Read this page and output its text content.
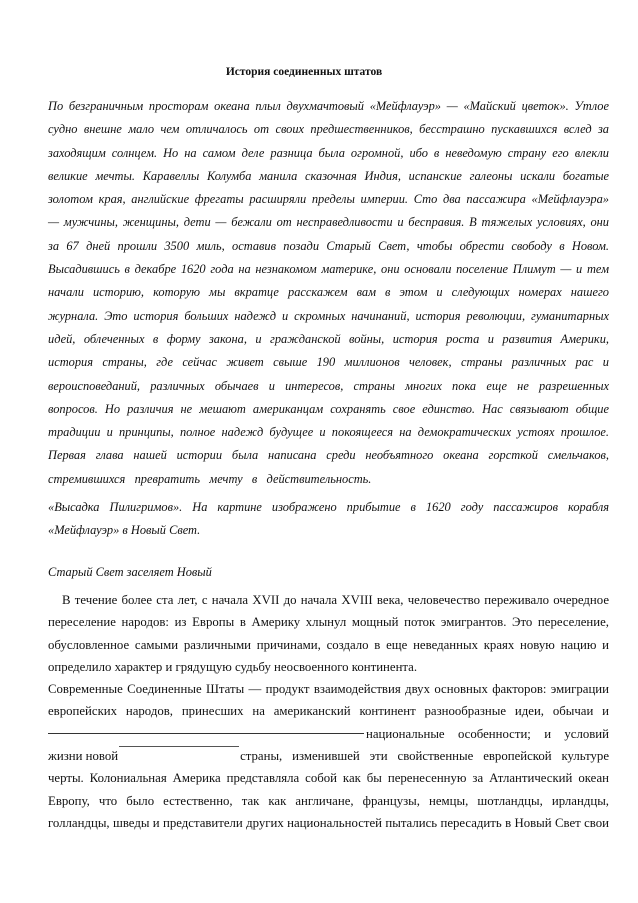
История соединенных штатов
По безграничным просторам океана плыл двухмачтовый «Мейфлауэр» — «Майский цветок». Утлое
судно внешне мало чем отличалось от своих предшественников, бесстрашно пускавшихся вслед за
заходящим солнцем. Но на самом деле разница была огромной, ибо в неведомую страну его влекли
великие мечты. Каравеллы Колумба манила сказочная Индия, испанские галеоны искали богатые
золотом края, английские фрегаты расширяли пределы империи. Сто два пассажира «Мейфлауэра»
— мужчины, женщины, дети — бежали от несправедливости и бесправия. В тяжелых условиях, они
за 67 дней прошли 3500 миль, оставив позади Старый Свет, чтобы обрести свободу в Новом.
Высадившись в декабре 1620 года на незнакомом материке, они основали поселение Плимут — и тем
начали историю, которую мы вкратце расскажем вам в этом и следующих номерах нашего
журнала. Это история больших надежд и скромных начинаний, история революции, гуманитарных
идей, облеченных в форму закона, и гражданской войны, история роста и развития Америки,
история страны, где сейчас живет свыше 190 миллионов человек, страны различных рас и
вероисповеданий, различных обычаев и интересов, страны многих пока еще не разрешенных
вопросов. Но различия не мешают американцам сохранять свое единство. Нас связывают общие
традиции и принципы, полное надежд будущее и покоящееся на демократических устоях прошлое.
Первая глава нашей истории была написана среди необъятного океана горсткой смельчаков,
стремившихся   превратить   мечту   в   действительность.
«Высадка Пилигримов». На картине изображено прибытие в 1620 году пассажиров корабля
«Мейфлауэр» в Новый Свет.

Старый Свет заселяет Новый

В течение более ста лет, с начала XVII до начала XVIII века, человечество переживало очередное
переселение народов: из Европы в Америку хлынул мощный поток эмигрантов. Это переселение,
обусловленное самыми различными причинами, создало в еще неведанных краях новую нацию и
определило характер и грядущую судьбу неосвоенного континента.
Современные Соединенные Штаты — продукт взаимодействия двух основных факторов: эмиграции
европейских народов, принесших на американский континент разнообразные идеи, обычаи и
национальные особенности; и условий
жизни новой	страны, изменившей эти свойственные европейской культуре
черты. Колониальная Америка представляла собой как бы перенесенную за Атлантический океан
Европу, что было естественно, так как англичане, французы, немцы, шотландцы, ирландцы,
голландцы, шведы и представители других национальностей пытались пересадить в Новый Свет свои
